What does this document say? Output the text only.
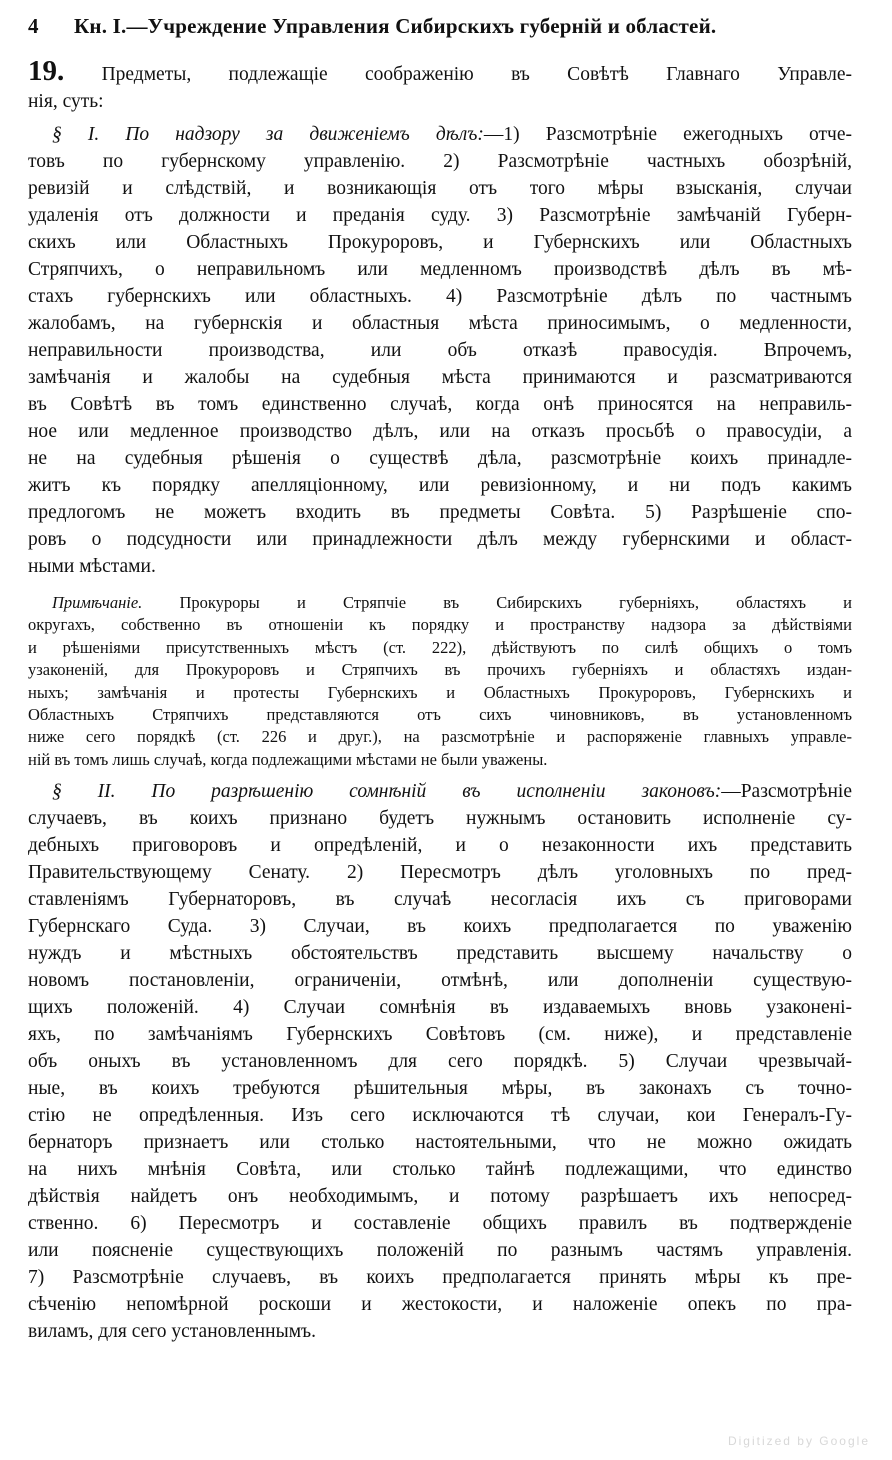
4	Кн. I.—Учреждение Управления Сибирскихъ губерній и областей.

19. Предметы, подлежащіе соображенію въ Совѣтѣ Главнаго Управле-

нія, суть:

§ I. По надзору за движеніемъ дѣлъ:—1) Разсмотрѣніе ежегодныхъ отче-

товъ по губернскому управленію. 2) Разсмотрѣніе частныхъ обозрѣній,

ревизій и слѣдствій, и возникающія отъ того мѣры взысканія, случаи

удаленія отъ должности и преданія суду. 3) Разсмотрѣніе замѣчаній Губерн-

скихъ или Областныхъ Прокуроровъ, и Губернскихъ или Областныхъ

Стряпчихъ, о неправильномъ или медленномъ производствѣ дѣлъ въ мѣ-

стахъ губернскихъ или областныхъ. 4) Разсмотрѣніе дѣлъ по частнымъ

жалобамъ, на губернскія и областныя мѣста приносимымъ, о медленности,

неправильности производства, или объ отказѣ правосудія. Впрочемъ,

замѣчанія и жалобы на судебныя мѣста принимаются и разсматриваются

въ Совѣтѣ въ томъ единственно случаѣ, когда онѣ приносятся на неправиль-

ное или медленное производство дѣлъ, или на отказъ просьбѣ о правосудіи, а

не на судебныя рѣшенія о существѣ дѣла, разсмотрѣніе коихъ принадле-

житъ къ порядку апелляціонному, или ревизіонному, и ни подъ какимъ

предлогомъ не можетъ входить въ предметы Совѣта. 5) Разрѣшеніе спо-

ровъ о подсудности или принадлежности дѣлъ между губернскими и област-

ными мѣстами.

Примѣчаніе. Прокуроры и Стряпчіе въ Сибирскихъ губерніяхъ, областяхъ и

округахъ, собственно въ отношеніи къ порядку и пространству надзора за дѣйствіями

и рѣшеніями присутственныхъ мѣстъ (ст. 222), дѣйствуютъ по силѣ общихъ о томъ

узаконеній, для Прокуроровъ и Стряпчихъ въ прочихъ губерніяхъ и областяхъ издан-

ныхъ; замѣчанія и протесты Губернскихъ и Областныхъ Прокуроровъ, Губернскихъ и

Областныхъ Стряпчихъ представляются отъ сихъ чиновниковъ, въ установленномъ

ниже сего порядкѣ (ст. 226 и друг.), на разсмотрѣніе и распоряженіе главныхъ управле-

ній въ томъ лишь случаѣ, когда подлежащими мѣстами не были уважены.

§ II. По разрѣшенію сомнѣній въ исполненіи законовъ:—Разсмотрѣніе

случаевъ, въ коихъ признано будетъ нужнымъ остановить исполненіе су-

дебныхъ приговоровъ и опредѣленій, и о незаконности ихъ представить

Правительствующему Сенату. 2) Пересмотръ дѣлъ уголовныхъ по пред-

ставленіямъ Губернаторовъ, въ случаѣ несогласія ихъ съ приговорами

Губернскаго Суда. 3) Случаи, въ коихъ предполагается по уваженію

нуждъ и мѣстныхъ обстоятельствъ представить высшему начальству о

новомъ постановленіи, ограниченіи, отмѣнѣ, или дополненіи существую-

щихъ положеній. 4) Случаи сомнѣнія въ издаваемыхъ вновь узаконені-

яхъ, по замѣчаніямъ Губернскихъ Совѣтовъ (см. ниже), и представленіе

объ оныхъ въ установленномъ для сего порядкѣ. 5) Случаи чрезвычай-

ные, въ коихъ требуются рѣшительныя мѣры, въ законахъ съ точно-

стію не опредѣленныя. Изъ сего исключаются тѣ случаи, кои Генералъ-Гу-

бернаторъ признаетъ или столько настоятельными, что не можно ожидать

на нихъ мнѣнія Совѣта, или столько тайнѣ подлежащими, что единство

дѣйствія найдетъ онъ необходимымъ, и потому разрѣшаетъ ихъ непосред-

ственно. 6) Пересмотръ и составленіе общихъ правилъ въ подтвержденіе

или поясненіе существующихъ положеній по разнымъ частямъ управленія.

7) Разсмотрѣніе случаевъ, въ коихъ предполагается принять мѣры къ пре-

сѣченію непомѣрной роскоши и жестокости, и наложеніе опекъ по пра-

виламъ, для сего установленнымъ.

Digitized by Google
